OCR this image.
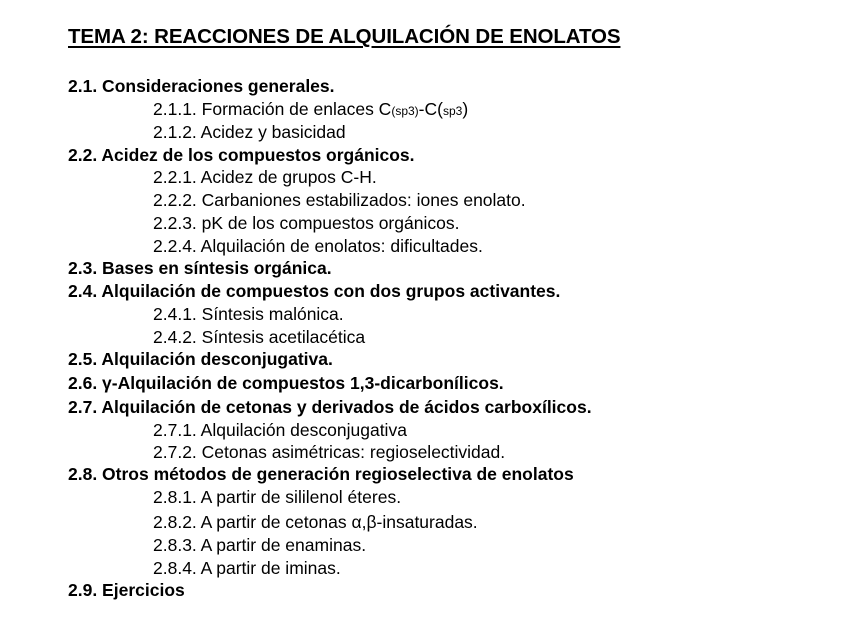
TEMA 2: REACCIONES DE ALQUILACIÓN DE ENOLATOS
2.1. Consideraciones generales.
2.1.1. Formación de enlaces C(sp3)-C(sp3)
2.1.2. Acidez y basicidad
2.2. Acidez de los compuestos orgánicos.
2.2.1. Acidez de grupos C-H.
2.2.2. Carbaniones estabilizados: iones enolato.
2.2.3. pK de los compuestos orgánicos.
2.2.4. Alquilación de enolatos: dificultades.
2.3. Bases en síntesis orgánica.
2.4. Alquilación de compuestos con dos grupos activantes.
2.4.1. Síntesis malónica.
2.4.2. Síntesis acetilacética
2.5. Alquilación desconjugativa.
2.6. γ-Alquilación de compuestos 1,3-dicarbonílicos.
2.7. Alquilación de cetonas y derivados de ácidos carboxílicos.
2.7.1. Alquilación desconjugativa
2.7.2. Cetonas asimétricas: regioselectividad.
2.8. Otros métodos de generación regioselectiva de enolatos
2.8.1. A partir de sililenol éteres.
2.8.2. A partir de cetonas α,β-insaturadas.
2.8.3. A partir de enaminas.
2.8.4. A partir de iminas.
2.9. Ejercicios
